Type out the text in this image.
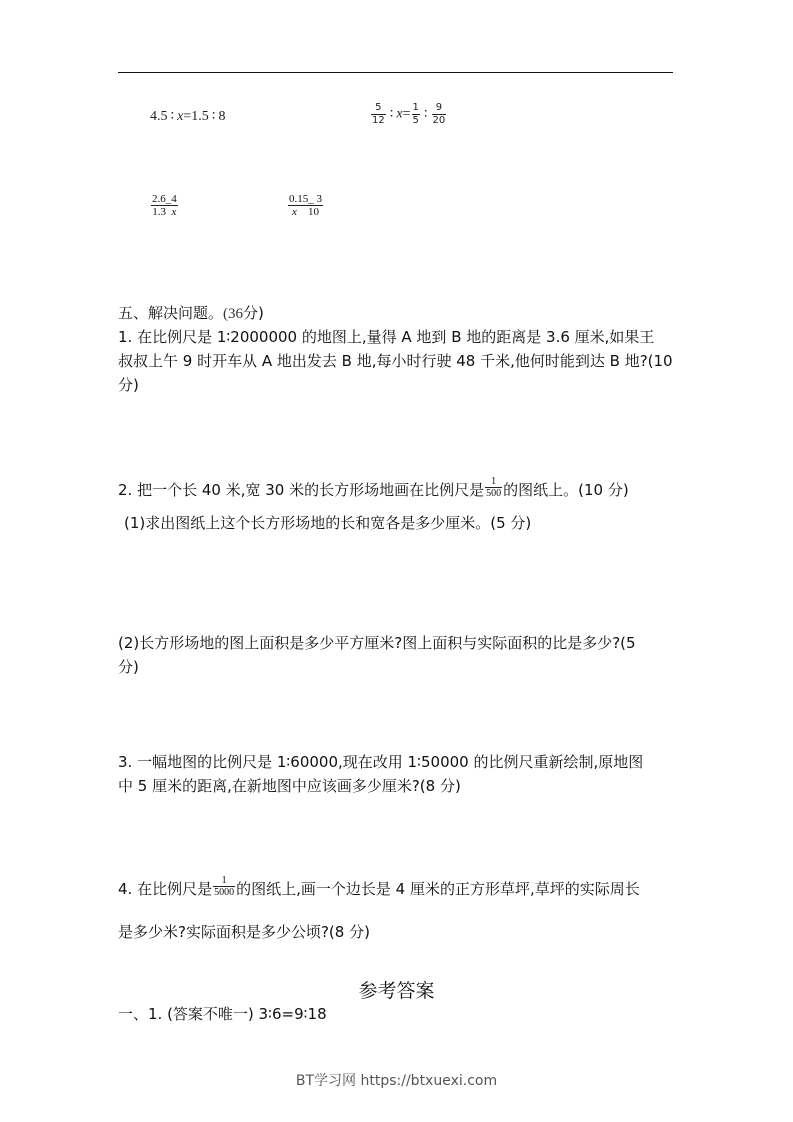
4.5 ∶ x=1.5 ∶ 8	$\frac{5}{12}$ ∶ $x= \frac{1}{5}$ ∶ $\frac{9}{20}$
$\frac{2.6\_4}{1.3 x}$	$\frac{0.15\_ 3}{x 10}$
五、解决问题。(36分)
1. 在比例尺是 1∶2000000 的地图上,量得 A 地到 B 地的距离是 3.6 厘米,如果王
叔叔上午 9 时开车从 A 地出发去 B 地,每小时行驶 48 千米,他何时能到达 B 地?(10
分)
2. 把一个长 40 米,宽 30 米的长方形场地画在比例尺是 $\frac{1}{500}$ 的图纸上。(10 分)
(1)求出图纸上这个长方形场地的长和宽各是多少厘米。(5 分)
(2)长方形场地的图上面积是多少平方厘米?图上面积与实际面积的比是多少?(5
分)
3. 一幅地图的比例尺是 1∶60000,现在改用 1∶50000 的比例尺重新绘制,原地图
中 5 厘米的距离,在新地图中应该画多少厘米?(8 分)
4. 在比例尺是 $\frac{1}{5000}$ 的图纸上,画一个边长是 4 厘米的正方形草坪,草坪的实际周长
是多少米?实际面积是多少公顷?(8 分)
参考答案
一、1. (答案不唯一) 3∶6=9∶18
BT学习网 https://btxuexi.com
